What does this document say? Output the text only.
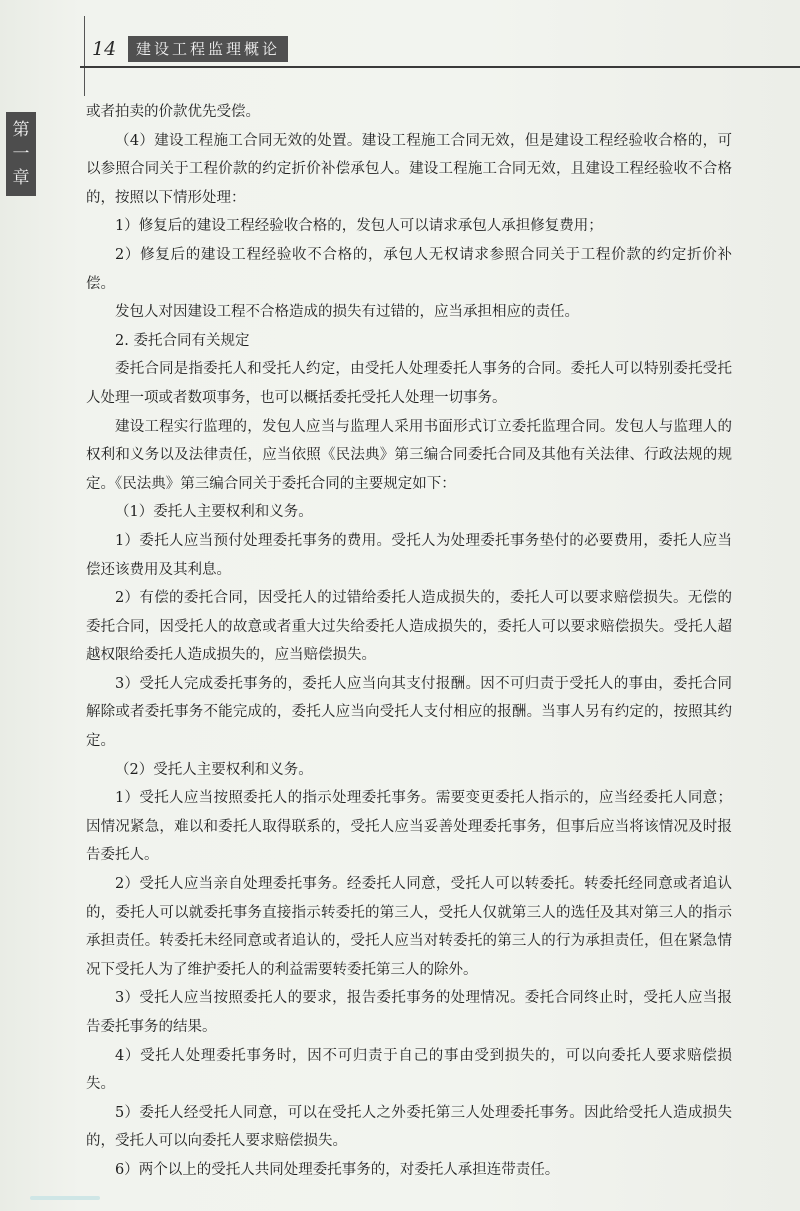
14	建设工程监理概论
第
一
章

或者拍卖的价款优先受偿。

（4）建设工程施工合同无效的处置。建设工程施工合同无效，但是建设工程经验收合格的，可以参照合同关于工程价款的约定折价补偿承包人。建设工程施工合同无效，且建设工程经验收不合格的，按照以下情形处理：

1）修复后的建设工程经验收合格的，发包人可以请求承包人承担修复费用；

2）修复后的建设工程经验收不合格的，承包人无权请求参照合同关于工程价款的约定折价补偿。

发包人对因建设工程不合格造成的损失有过错的，应当承担相应的责任。

2. 委托合同有关规定

委托合同是指委托人和受托人约定，由受托人处理委托人事务的合同。委托人可以特别委托受托人处理一项或者数项事务，也可以概括委托受托人处理一切事务。

建设工程实行监理的，发包人应当与监理人采用书面形式订立委托监理合同。发包人与监理人的权利和义务以及法律责任，应当依照《民法典》第三编合同委托合同及其他有关法律、行政法规的规定。《民法典》第三编合同关于委托合同的主要规定如下：

（1）委托人主要权利和义务。

1）委托人应当预付处理委托事务的费用。受托人为处理委托事务垫付的必要费用，委托人应当偿还该费用及其利息。

2）有偿的委托合同，因受托人的过错给委托人造成损失的，委托人可以要求赔偿损失。无偿的委托合同，因受托人的故意或者重大过失给委托人造成损失的，委托人可以要求赔偿损失。受托人超越权限给委托人造成损失的，应当赔偿损失。

3）受托人完成委托事务的，委托人应当向其支付报酬。因不可归责于受托人的事由，委托合同解除或者委托事务不能完成的，委托人应当向受托人支付相应的报酬。当事人另有约定的，按照其约定。

（2）受托人主要权利和义务。

1）受托人应当按照委托人的指示处理委托事务。需要变更委托人指示的，应当经委托人同意；因情况紧急，难以和委托人取得联系的，受托人应当妥善处理委托事务，但事后应当将该情况及时报告委托人。

2）受托人应当亲自处理委托事务。经委托人同意，受托人可以转委托。转委托经同意或者追认的，委托人可以就委托事务直接指示转委托的第三人，受托人仅就第三人的选任及其对第三人的指示承担责任。转委托未经同意或者追认的，受托人应当对转委托的第三人的行为承担责任，但在紧急情况下受托人为了维护委托人的利益需要转委托第三人的除外。

3）受托人应当按照委托人的要求，报告委托事务的处理情况。委托合同终止时，受托人应当报告委托事务的结果。

4）受托人处理委托事务时，因不可归责于自己的事由受到损失的，可以向委托人要求赔偿损失。

5）委托人经受托人同意，可以在受托人之外委托第三人处理委托事务。因此给受托人造成损失的，受托人可以向委托人要求赔偿损失。

6）两个以上的受托人共同处理委托事务的，对委托人承担连带责任。
